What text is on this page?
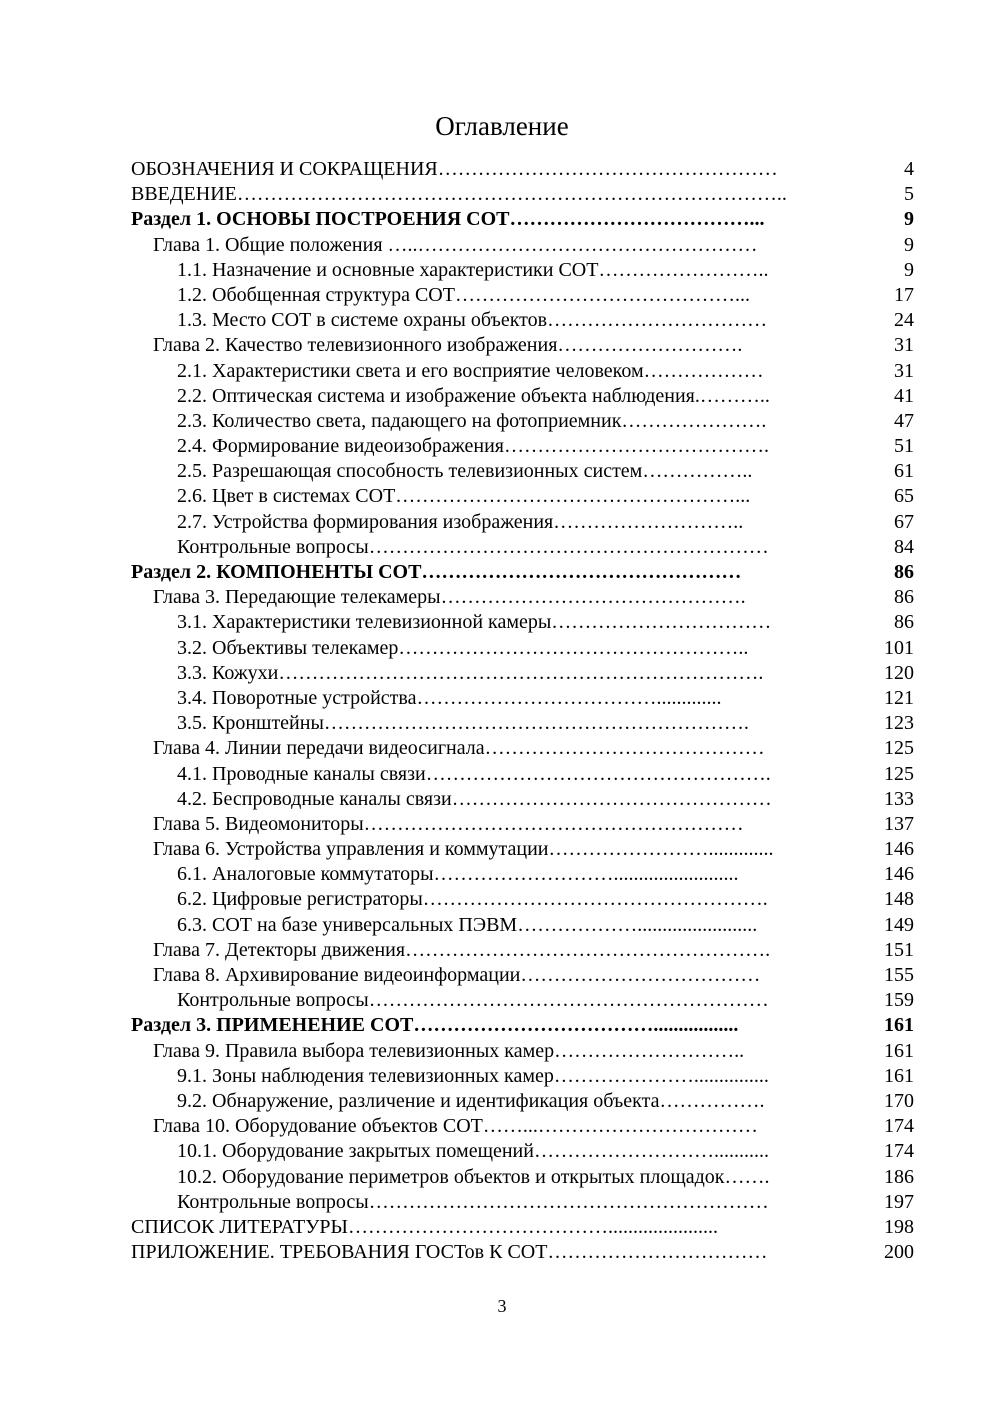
Оглавление
ОБОЗНАЧЕНИЯ И СОКРАЩЕНИЯ……………………………………………	4
ВВЕДЕНИЕ………………………………………………………………………..	5
Раздел 1. ОСНОВЫ ПОСТРОЕНИЯ СОТ………………………………...	9
Глава 1. Общие положения …..……………………………………………	9
1.1. Назначение и основные характеристики СОТ……………………..	9
1.2. Обобщенная структура СОТ……………………………………...	17
1.3. Место СОТ в системе охраны объектов……………………………	24
Глава 2. Качество телевизионного изображения……………………….	31
2.1. Характеристики света и его восприятие человеком………………	31
2.2. Оптическая система и изображение объекта наблюдения.………..	41
2.3. Количество света, падающего на фотоприемник………………….	47
2.4. Формирование видеоизображения………………………………….	51
2.5. Разрешающая способность телевизионных систем……………..	61
2.6. Цвет в системах СОТ……………………………………………...	65
2.7. Устройства формирования изображения………………………..	67
Контрольные вопросы……………………………………………………	84
Раздел 2. КОМПОНЕНТЫ СОТ…………………………………………	86
Глава 3. Передающие телекамеры……………………………………….	86
3.1. Характеристики телевизионной камеры……………………………	86
3.2. Объективы телекамер……………………………………………..	101
3.3. Кожухи……………………………………………………………….	120
3.4. Поворотные устройства……………………………….............	121
3.5. Кронштейны……………………………………………………….	123
Глава 4. Линии передачи видеосигнала……………………………………	125
4.1. Проводные каналы связи…………………………………………….	125
4.2. Беспроводные каналы связи…………………………………………	133
Глава 5. Видеомониторы…………………………………………………	137
Глава 6. Устройства управления и коммутации…………………….............	146
6.1. Аналоговые коммутаторы……………………….........................	146
6.2. Цифровые регистраторы…………………………………………….	148
6.3. СОТ на базе универсальных ПЭВМ………………........................	149
Глава 7. Детекторы движения……………………………………………….	151
Глава 8. Архивирование видеоинформации………………………………	155
Контрольные вопросы……………………………………………………	159
Раздел 3. ПРИМЕНЕНИЕ СОТ……………………………….................	161
Глава 9. Правила выбора телевизионных камер………………………..	161
9.1. Зоны наблюдения телевизионных камер…………………...............	161
9.2. Обнаружение, различение и идентификация объекта…………….	170
Глава 10. Оборудование объектов СОТ……...……………………………	174
10.1. Оборудование закрытых помещений………………………...........	174
10.2. Оборудование периметров объектов и открытых площадок…….	186
Контрольные вопросы……………………………………………………	197
СПИСОК ЛИТЕРАТУРЫ…………………………………......................	198
ПРИЛОЖЕНИЕ. ТРЕБОВАНИЯ ГОСТов К СОТ……………………………	200
3
